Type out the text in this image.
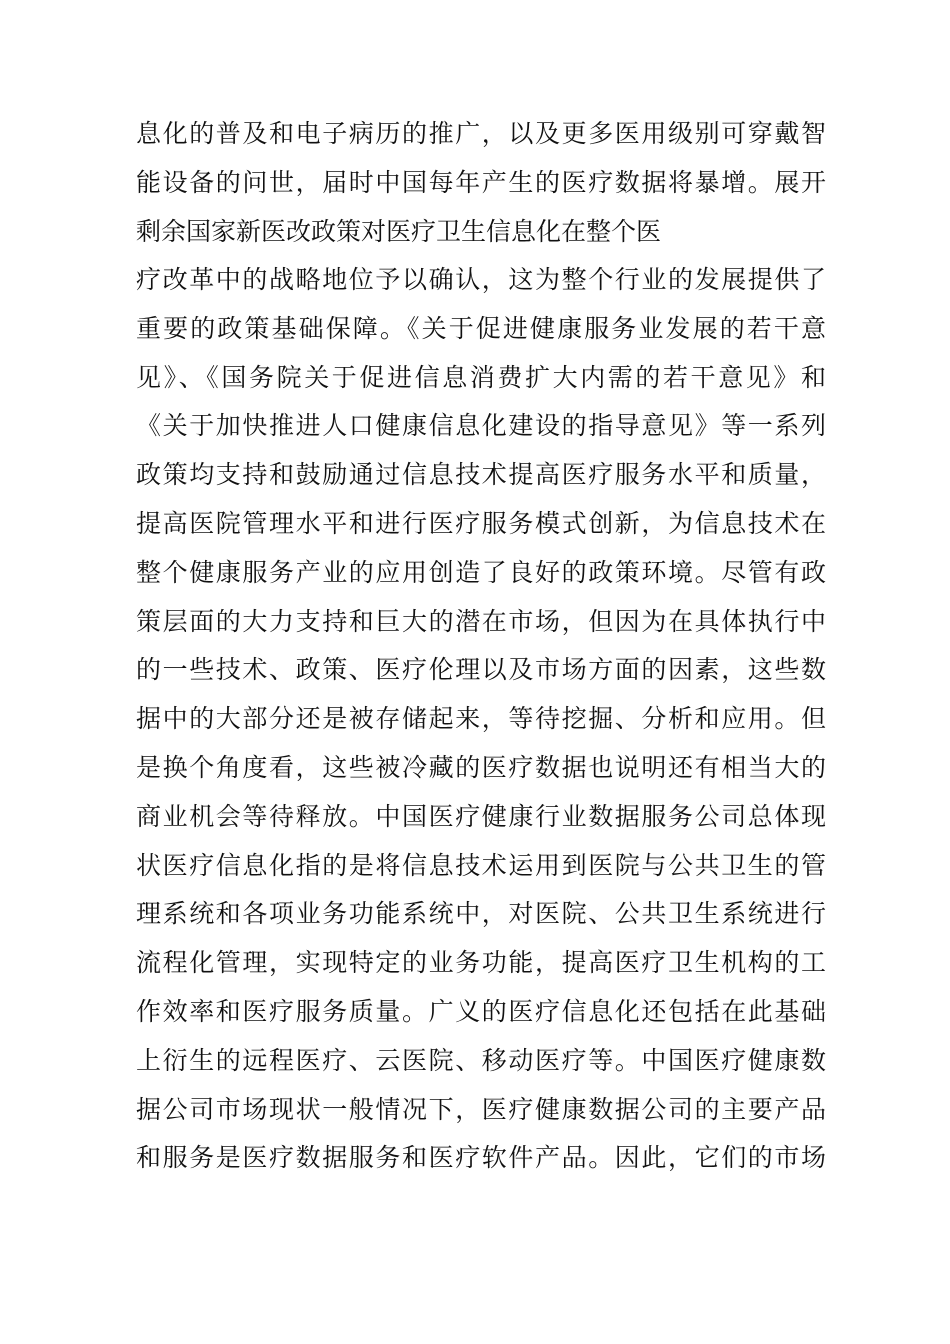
息化的普及和电子病历的推广，以及更多医用级别可穿戴智
能设备的问世，届时中国每年产生的医疗数据将暴增。展开
剩余国家新医改政策对医疗卫生信息化在整个医
疗改革中的战略地位予以确认，这为整个行业的发展提供了
重要的政策基础保障。《关于促进健康服务业发展的若干意
见》、《国务院关于促进信息消费扩大内需的若干意见》和
《关于加快推进人口健康信息化建设的指导意见》等一系列
政策均支持和鼓励通过信息技术提高医疗服务水平和质量，
提高医院管理水平和进行医疗服务模式创新，为信息技术在
整个健康服务产业的应用创造了良好的政策环境。尽管有政
策层面的大力支持和巨大的潜在市场，但因为在具体执行中
的一些技术、政策、医疗伦理以及市场方面的因素，这些数
据中的大部分还是被存储起来，等待挖掘、分析和应用。但
是换个角度看，这些被冷藏的医疗数据也说明还有相当大的
商业机会等待释放。中国医疗健康行业数据服务公司总体现
状医疗信息化指的是将信息技术运用到医院与公共卫生的管
理系统和各项业务功能系统中，对医院、公共卫生系统进行
流程化管理，实现特定的业务功能，提高医疗卫生机构的工
作效率和医疗服务质量。广义的医疗信息化还包括在此基础
上衍生的远程医疗、云医院、移动医疗等。中国医疗健康数
据公司市场现状一般情况下，医疗健康数据公司的主要产品
和服务是医疗数据服务和医疗软件产品。因此，它们的市场
